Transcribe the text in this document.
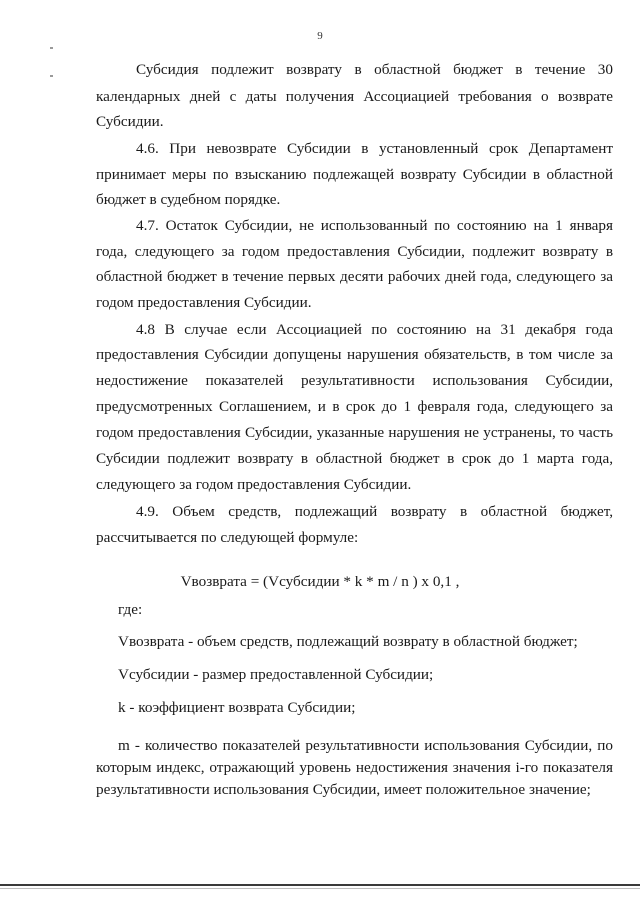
9
Субсидия подлежит возврату в областной бюджет в течение 30
календарных дней с даты получения Ассоциацией требования о возврате
Субсидии.
4.6. При невозврате Субсидии в установленный срок Департамент
принимает меры по взысканию подлежащей возврату Субсидии в областной
бюджет в судебном порядке.
4.7. Остаток Субсидии, не использованный по состоянию на 1 января
года, следующего за годом предоставления Субсидии, подлежит возврату в
областной бюджет в течение первых десяти рабочих дней года, следующего за
годом предоставления Субсидии.
4.8 В случае если Ассоциацией по состоянию на 31 декабря года
предоставления Субсидии допущены нарушения обязательств, в том числе за
недостижение показателей результативности использования Субсидии,
предусмотренных Соглашением, и в срок до 1 февраля года, следующего за
годом предоставления Субсидии, указанные нарушения не устранены, то часть
Субсидии подлежит возврату в областной бюджет в срок до 1 марта года,
следующего за годом предоставления Субсидии.
4.9. Объем средств, подлежащий возврату в областной бюджет,
рассчитывается по следующей формуле:
Vвозврата = (Vсубсидии * k * m / n ) x 0,1 ,
где:
Vвозврата - объем средств, подлежащий возврату в областной бюджет;
Vсубсидии - размер предоставленной Субсидии;
k - коэффициент возврата Субсидии;
m - количество показателей результативности использования Субсидии, по
которым индекс, отражающий уровень недостижения значения i-го показателя
результативности использования Субсидии, имеет положительное значение;
